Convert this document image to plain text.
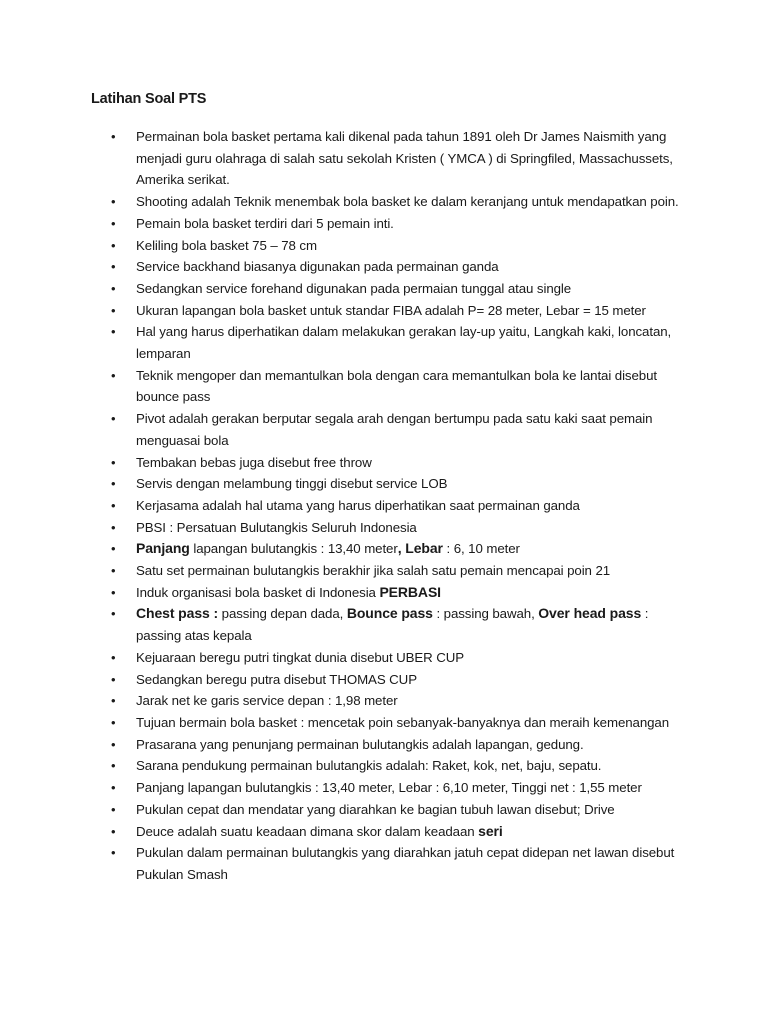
Latihan Soal PTS
• Permainan bola basket pertama kali dikenal pada tahun 1891 oleh Dr James Naismith yang menjadi guru olahraga di salah satu sekolah Kristen ( YMCA ) di Springfiled, Massachussets, Amerika serikat.
• Shooting adalah Teknik menembak bola basket ke dalam keranjang untuk mendapatkan poin.
• Pemain bola basket terdiri dari 5 pemain inti.
• Keliling bola basket 75 – 78 cm
• Service backhand biasanya digunakan pada permainan ganda
• Sedangkan service forehand digunakan pada permaian tunggal atau single
• Ukuran lapangan bola basket untuk standar FIBA adalah P= 28 meter, Lebar = 15 meter
• Hal yang harus diperhatikan dalam melakukan gerakan lay-up yaitu, Langkah kaki, loncatan, lemparan
• Teknik mengoper dan memantulkan bola dengan cara memantulkan bola ke lantai disebut bounce pass
• Pivot adalah gerakan berputar segala arah dengan bertumpu pada satu kaki saat pemain menguasai bola
• Tembakan bebas juga disebut free throw
• Servis dengan melambung tinggi disebut service LOB
• Kerjasama adalah hal utama yang harus diperhatikan saat permainan ganda
• PBSI : Persatuan Bulutangkis Seluruh Indonesia
• Panjang lapangan bulutangkis : 13,40 meter, Lebar : 6, 10 meter
• Satu set permainan bulutangkis berakhir jika salah satu pemain mencapai poin 21
• Induk organisasi bola basket di Indonesia PERBASI
• Chest pass : passing depan dada, Bounce pass : passing bawah, Over head pass : passing atas kepala
• Kejuaraan beregu putri tingkat dunia disebut UBER CUP
• Sedangkan beregu putra disebut THOMAS CUP
• Jarak net ke garis service depan : 1,98 meter
• Tujuan bermain bola basket : mencetak poin sebanyak-banyaknya dan meraih kemenangan
• Prasarana yang penunjang permainan bulutangkis adalah lapangan, gedung.
• Sarana pendukung permainan bulutangkis adalah: Raket, kok, net, baju, sepatu.
• Panjang lapangan bulutangkis : 13,40 meter, Lebar : 6,10 meter, Tinggi net : 1,55 meter
• Pukulan cepat dan mendatar yang diarahkan ke bagian tubuh lawan disebut; Drive
• Deuce adalah suatu keadaan dimana skor dalam keadaan seri
• Pukulan dalam permainan bulutangkis yang diarahkan jatuh cepat didepan net lawan disebut Pukulan Smash
